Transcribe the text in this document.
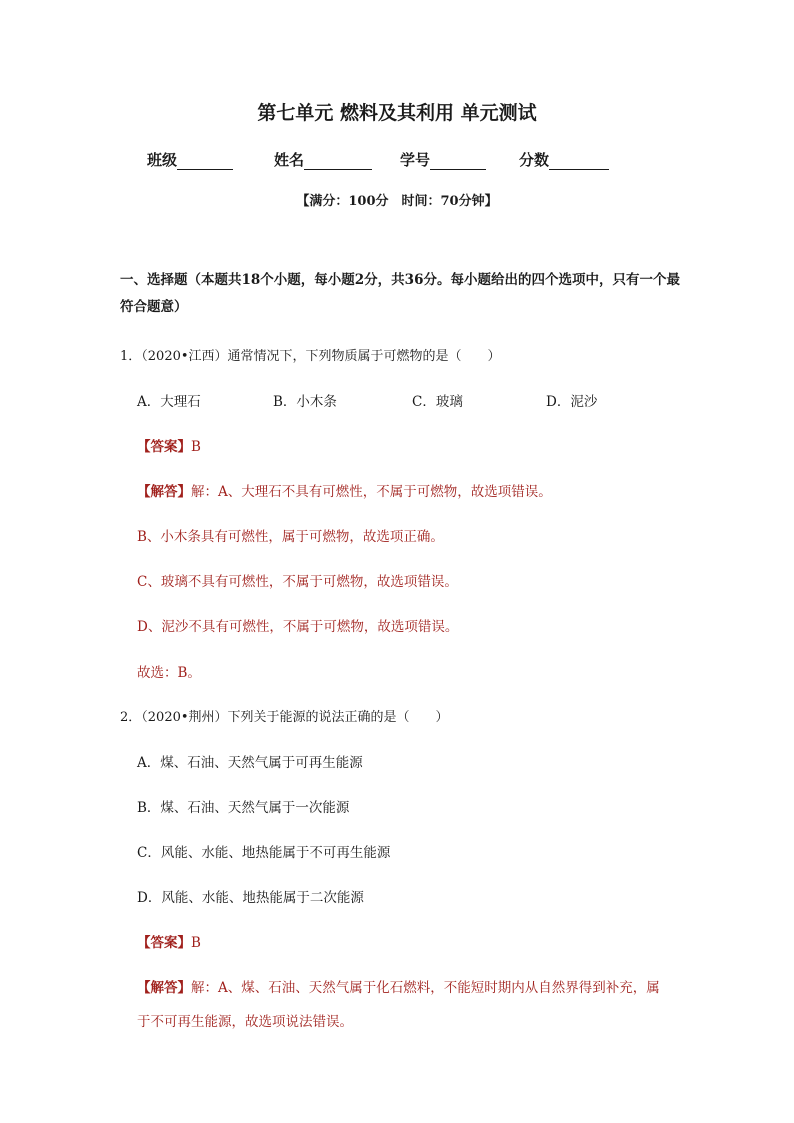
第七单元 燃料及其利用 单元测试
班级	姓名	学号	分数
【满分：100分　时间：70分钟】
一、选择题（本题共18个小题，每小题2分，共36分。每小题给出的四个选项中，只有一个最
符合题意）
1．（2020•江西）通常情况下，下列物质属于可燃物的是（　　）
A．大理石	B．小木条	C．玻璃	D．泥沙
【答案】B
【解答】解：A、大理石不具有可燃性，不属于可燃物，故选项错误。
B、小木条具有可燃性，属于可燃物，故选项正确。
C、玻璃不具有可燃性，不属于可燃物，故选项错误。
D、泥沙不具有可燃性，不属于可燃物，故选项错误。
故选：B。
2．（2020•荆州）下列关于能源的说法正确的是（　　）
A．煤、石油、天然气属于可再生能源
B．煤、石油、天然气属于一次能源
C．风能、水能、地热能属于不可再生能源
D．风能、水能、地热能属于二次能源
【答案】B
【解答】解：A、煤、石油、天然气属于化石燃料，不能短时期内从自然界得到补充，属
于不可再生能源，故选项说法错误。
